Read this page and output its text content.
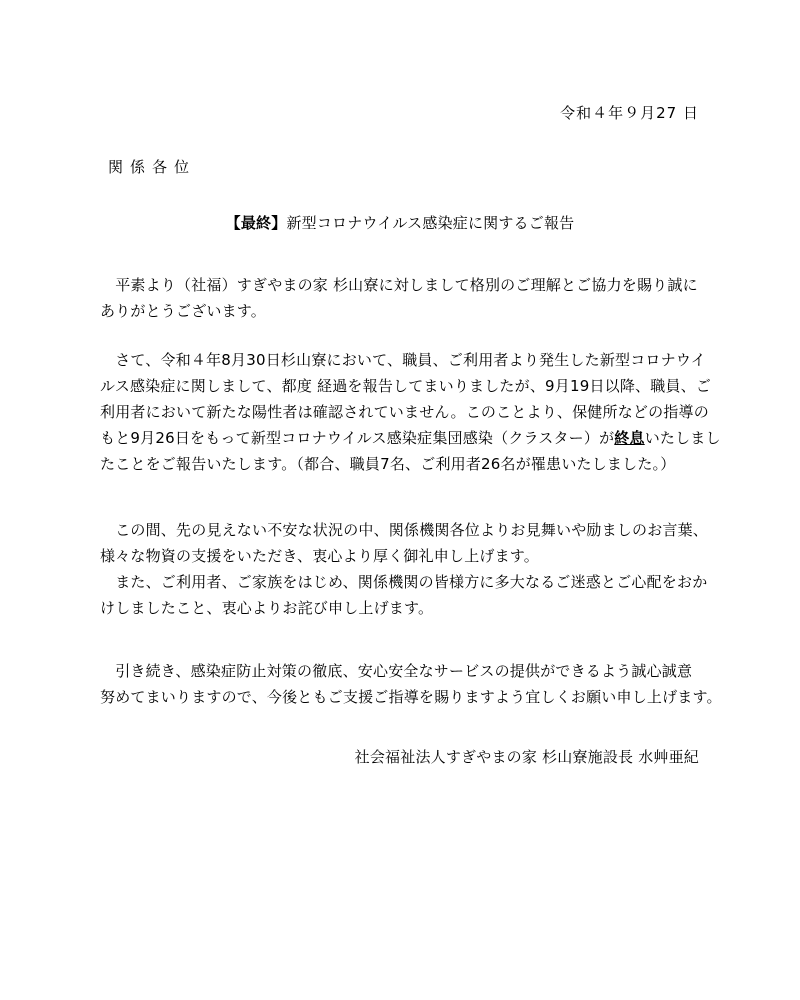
令和４年９月27 日
関係各位
【最終】新型コロナウイルス感染症に関するご報告
　平素より（社福）すぎやまの家 杉山寮に対しまして格別のご理解とご協力を賜り誠に
ありがとうございます。
　さて、令和４年8月30日杉山寮において、職員、ご利用者より発生した新型コロナウイ
ルス感染症に関しまして、都度 経過を報告してまいりましたが、9月19日以降、職員、ご
利用者において新たな陽性者は確認されていません。このことより、保健所などの指導の
もと9月26日をもって新型コロナウイルス感染症集団感染（クラスター）が終息いたしまし
たことをご報告いたします。（都合、職員7名、ご利用者26名が罹患いたしました。）
　この間、先の見えない不安な状況の中、関係機関各位よりお見舞いや励ましのお言葉、
様々な物資の支援をいただき、衷心より厚く御礼申し上げます。
　また、ご利用者、ご家族をはじめ、関係機関の皆様方に多大なるご迷惑とご心配をおか
けしましたこと、衷心よりお詫び申し上げます。
　引き続き、感染症防止対策の徹底、安心安全なサービスの提供ができるよう誠心誠意
努めてまいりますので、今後ともご支援ご指導を賜りますよう宜しくお願い申し上げます。
社会福祉法人すぎやまの家 杉山寮施設長 水艸亜紀
